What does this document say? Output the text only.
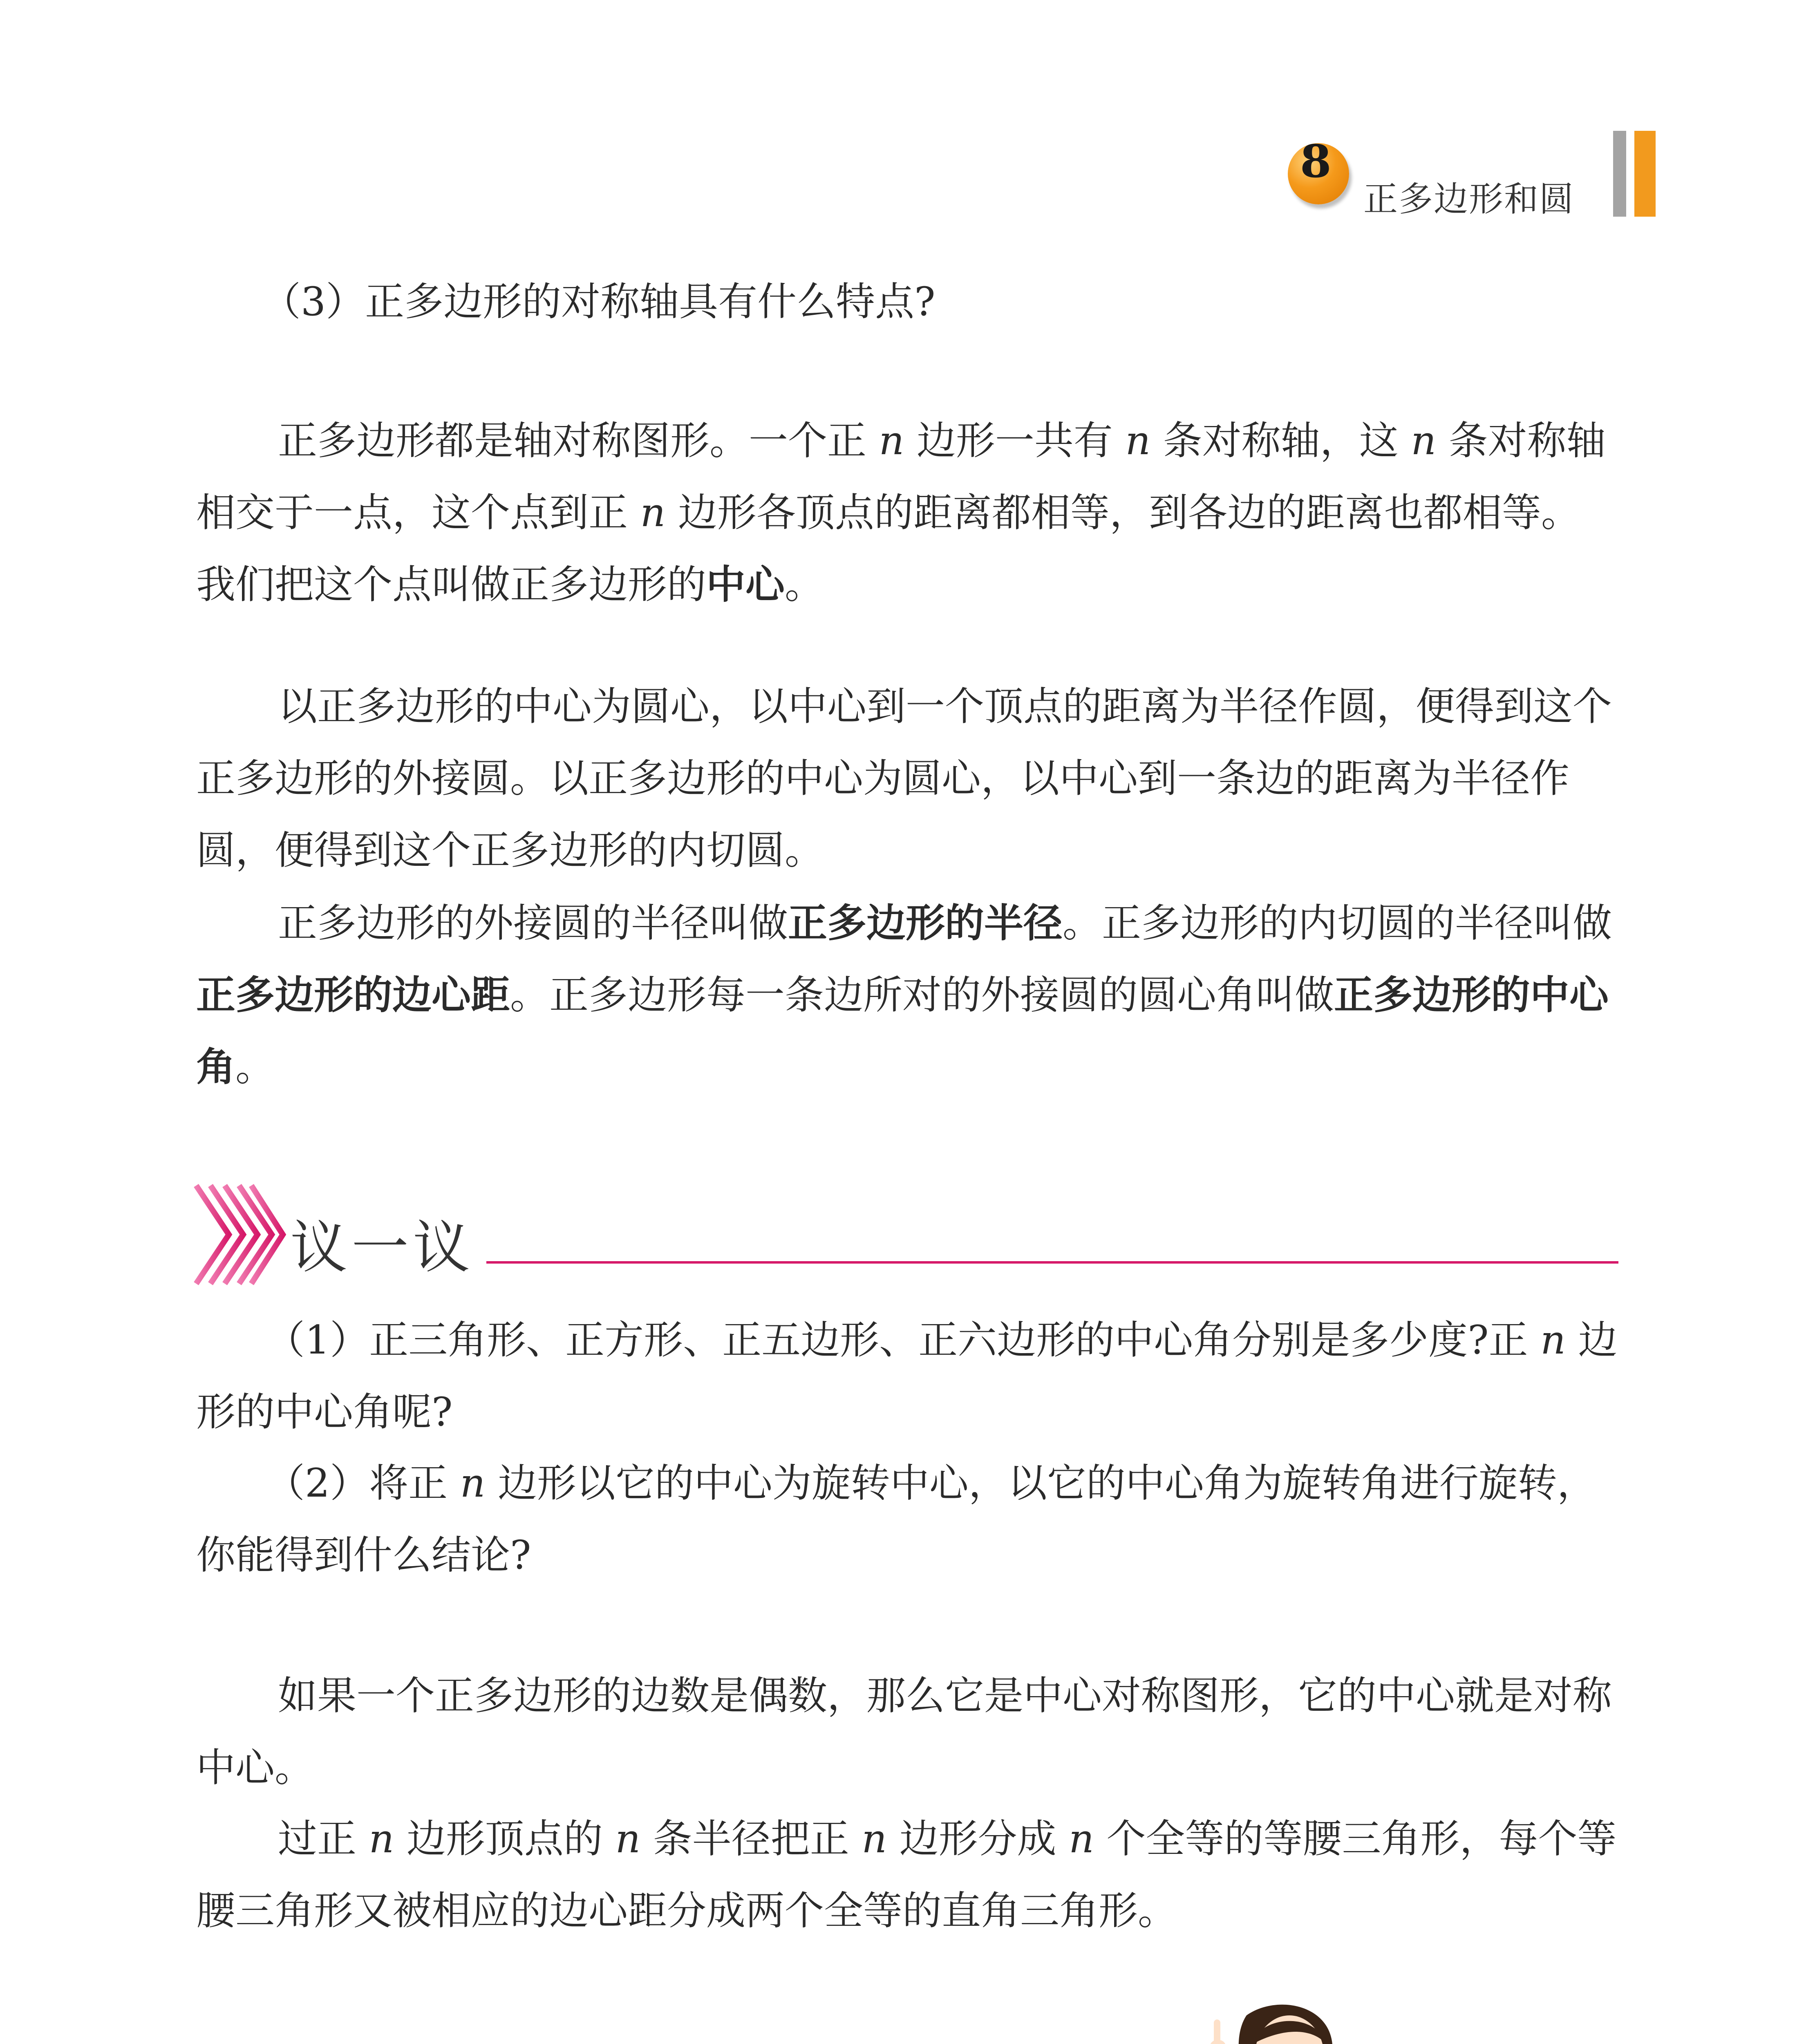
8
正多边形和圆

（3）正多边形的对称轴具有什么特点?

正多边形都是轴对称图形。一个正 n 边形一共有 n 条对称轴，这 n 条对称轴相交于一点，这个点到正 n 边形各顶点的距离都相等，到各边的距离也都相等。我们把这个点叫做正多边形的中心。

以正多边形的中心为圆心，以中心到一个顶点的距离为半径作圆，便得到这个正多边形的外接圆。以正多边形的中心为圆心，以中心到一条边的距离为半径作圆，便得到这个正多边形的内切圆。

正多边形的外接圆的半径叫做正多边形的半径。正多边形的内切圆的半径叫做正多边形的边心距。正多边形每一条边所对的外接圆的圆心角叫做正多边形的中心角。

议一议

（1）正三角形、正方形、正五边形、正六边形的中心角分别是多少度?正 n 边形的中心角呢?

（2）将正 n 边形以它的中心为旋转中心，以它的中心角为旋转角进行旋转，你能得到什么结论?

如果一个正多边形的边数是偶数，那么它是中心对称图形，它的中心就是对称中心。

过正 n 边形顶点的 n 条半径把正 n 边形分成 n 个全等的等腰三角形，每个等腰三角形又被相应的边心距分成两个全等的直角三角形。
